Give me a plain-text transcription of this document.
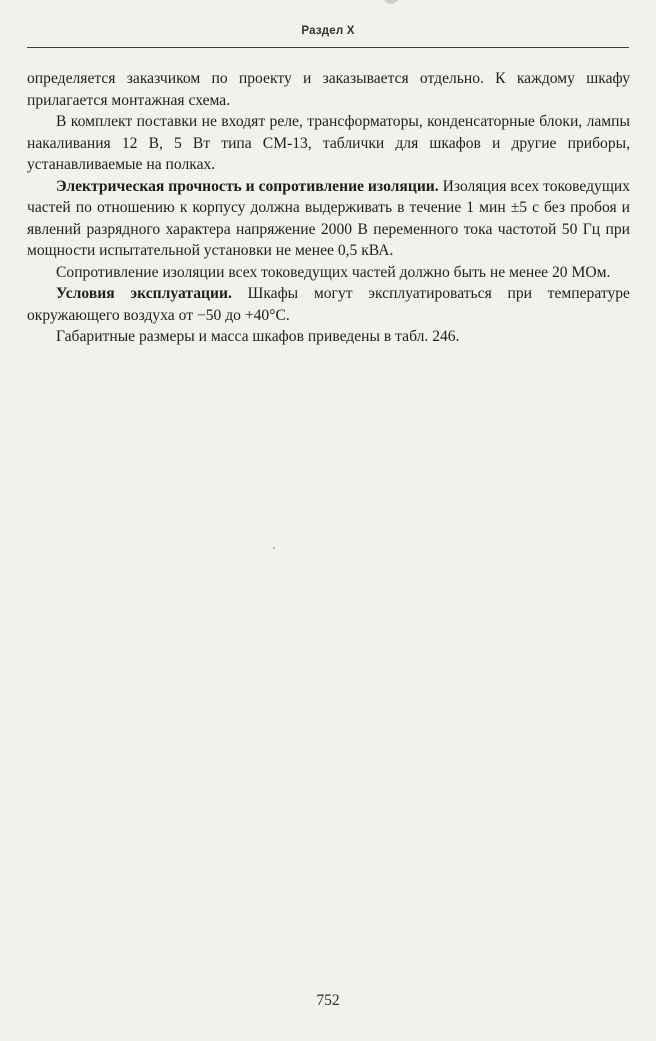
Раздел X

определяется заказчиком по проекту и заказывается отдельно. К каждому шкафу прилагается монтажная схема.

В комплект поставки не входят реле, трансформаторы, конденсаторные блоки, лампы накаливания 12 В, 5 Вт типа СМ-13, таблички для шкафов и другие приборы, устанавливаемые на полках.

Электрическая прочность и сопротивление изоляции. Изоляция всех токоведущих частей по отношению к корпусу должна выдерживать в течение 1 мин ±5 с без пробоя и явлений разрядного характера напряжение 2000 В переменного тока частотой 50 Гц при мощности испытательной установки не менее 0,5 кВА.

Сопротивление изоляции всех токоведущих частей должно быть не менее 20 МОм.

Условия эксплуатации. Шкафы могут эксплуатироваться при температуре окружающего воздуха от −50 до +40°С.

Габаритные размеры и масса шкафов приведены в табл. 246.

752
